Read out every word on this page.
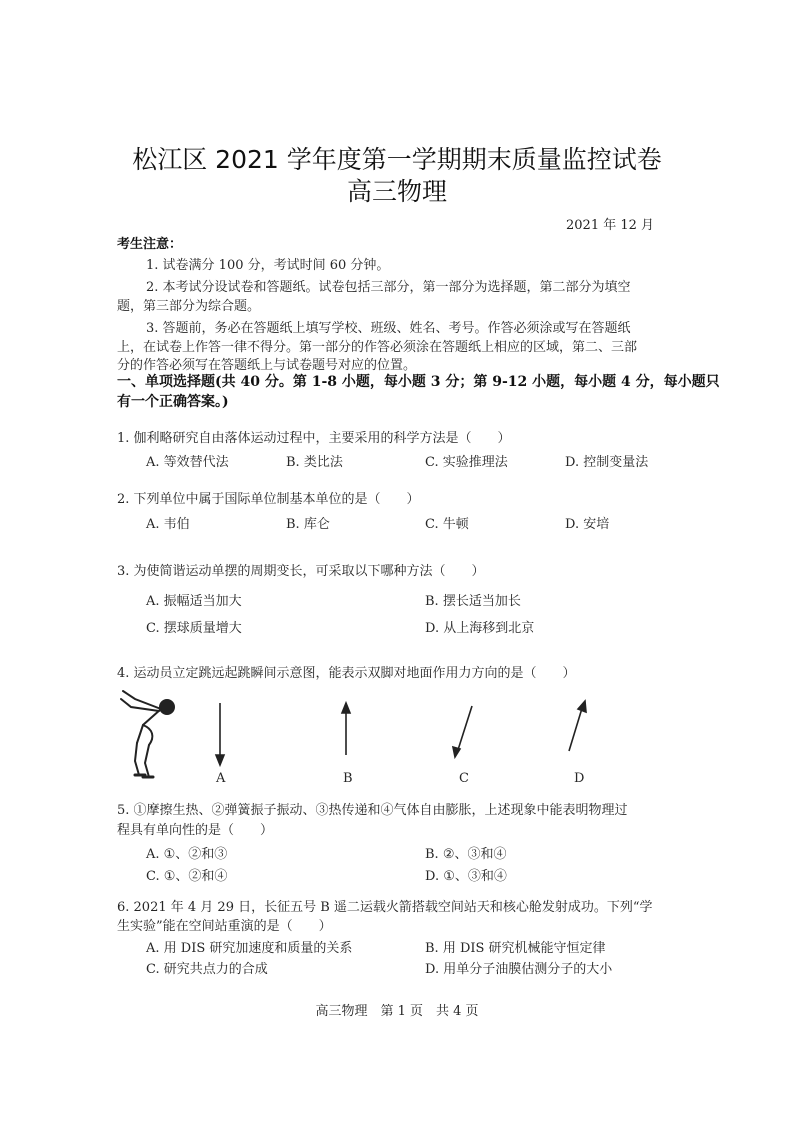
松江区 2021 学年度第一学期期末质量监控试卷
高三物理
2021 年 12 月
考生注意：
1. 试卷满分 100 分，考试时间 60 分钟。
2. 本考试分设试卷和答题纸。试卷包括三部分，第一部分为选择题，第二部分为填空
题，第三部分为综合题。
3. 答题前，务必在答题纸上填写学校、班级、姓名、考号。作答必须涂或写在答题纸
上，在试卷上作答一律不得分。第一部分的作答必须涂在答题纸上相应的区域，第二、三部
分的作答必须写在答题纸上与试卷题号对应的位置。
一、单项选择题(共 40 分。第 1-8 小题，每小题 3 分；第 9-12 小题，每小题 4 分，每小题只
有一个正确答案。)
1. 伽利略研究自由落体运动过程中，主要采用的科学方法是（　　）
A. 等效替代法	B. 类比法	C. 实验推理法	D. 控制变量法
2. 下列单位中属于国际单位制基本单位的是（　　）
A. 韦伯	B. 库仑	C. 牛顿	D. 安培
3. 为使简谐运动单摆的周期变长，可采取以下哪种方法（　　）
A. 振幅适当加大	B. 摆长适当加长
C. 摆球质量增大	D. 从上海移到北京
4. 运动员立定跳远起跳瞬间示意图，能表示双脚对地面作用力方向的是（　　）
A	B	C	D
5. ①摩擦生热、②弹簧振子振动、③热传递和④气体自由膨胀，上述现象中能表明物理过
程具有单向性的是（　　）
A. ①、②和③	B. ②、③和④
C. ①、②和④	D. ①、③和④
6. 2021 年 4 月 29 日，长征五号 B 遥二运载火箭搭载空间站天和核心舱发射成功。下列“学
生实验”能在空间站重演的是（　　）
A. 用 DIS 研究加速度和质量的关系	B. 用 DIS 研究机械能守恒定律
C. 研究共点力的合成	D. 用单分子油膜估测分子的大小
高三物理　第 1 页　共 4 页
